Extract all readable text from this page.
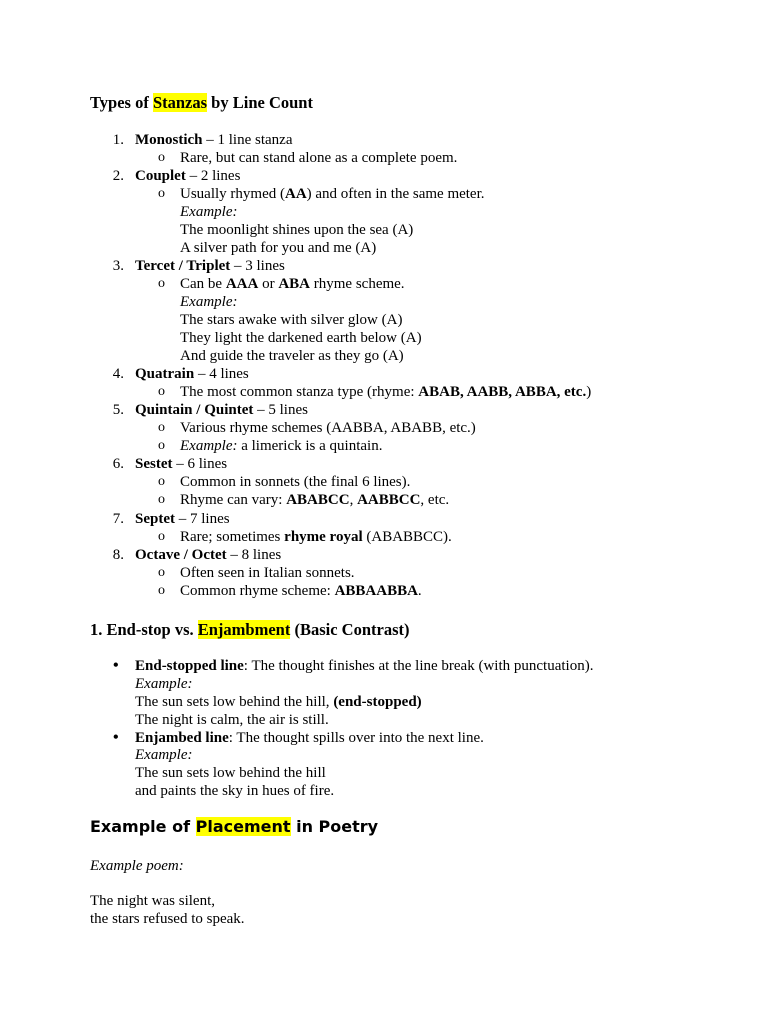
Types of Stanzas by Line Count
1. Monostich – 1 line stanza
o Rare, but can stand alone as a complete poem.
2. Couplet – 2 lines
o Usually rhymed (AA) and often in the same meter.
Example:
The moonlight shines upon the sea (A)
A silver path for you and me (A)
3. Tercet / Triplet – 3 lines
o Can be AAA or ABA rhyme scheme.
Example:
The stars awake with silver glow (A)
They light the darkened earth below (A)
And guide the traveler as they go (A)
4. Quatrain – 4 lines
o The most common stanza type (rhyme: ABAB, AABB, ABBA, etc.)
5. Quintain / Quintet – 5 lines
o Various rhyme schemes (AABBA, ABABB, etc.)
o Example: a limerick is a quintain.
6. Sestet – 6 lines
o Common in sonnets (the final 6 lines).
o Rhyme can vary: ABABCC, AABBCC, etc.
7. Septet – 7 lines
o Rare; sometimes rhyme royal (ABABBCC).
8. Octave / Octet – 8 lines
o Often seen in Italian sonnets.
o Common rhyme scheme: ABBAABBA.
1. End-stop vs. Enjambment (Basic Contrast)
• End-stopped line: The thought finishes at the line break (with punctuation).
Example:
The sun sets low behind the hill, (end-stopped)
The night is calm, the air is still.
• Enjambed line: The thought spills over into the next line.
Example:
The sun sets low behind the hill
and paints the sky in hues of fire.
Example of Placement in Poetry
Example poem:
The night was silent,
the stars refused to speak.
